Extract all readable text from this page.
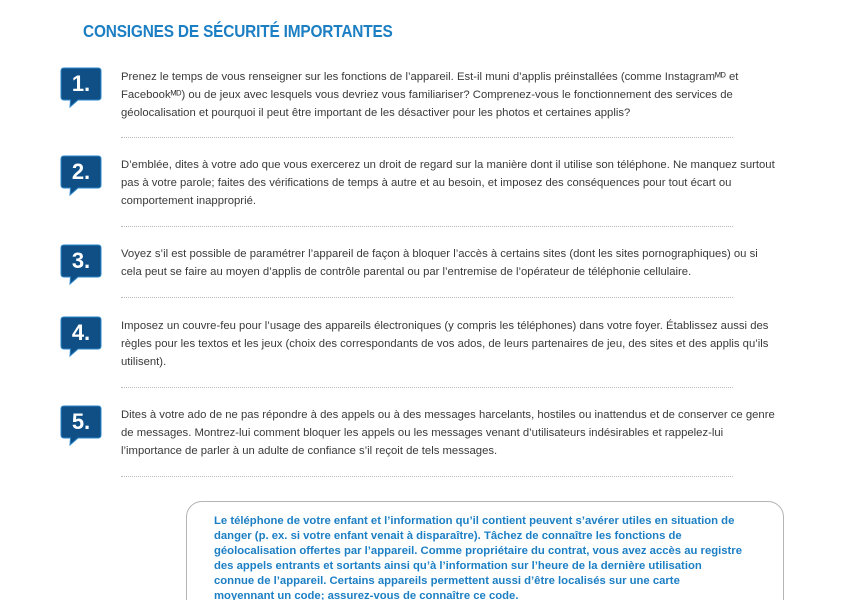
CONSIGNES DE SÉCURITÉ IMPORTANTES
1.	Prenez le temps de vous renseigner sur les fonctions de l’appareil. Est-il muni d’applis préinstallées (comme Instagramᴹᴰ et Facebookᴹᴰ) ou de jeux avec lesquels vous devriez vous familiariser? Comprenez-vous le fonctionnement des services de géolocalisation et pourquoi il peut être important de les désactiver pour les photos et certaines applis?

2.	D’emblée, dites à votre ado que vous exercerez un droit de regard sur la manière dont il utilise son téléphone. Ne manquez surtout pas à votre parole; faites des vérifications de temps à autre et au besoin, et imposez des conséquences pour tout écart ou comportement inapproprié.

3.	Voyez s’il est possible de paramétrer l’appareil de façon à bloquer l’accès à certains sites (dont les sites pornographiques) ou si cela peut se faire au moyen d’applis de contrôle parental ou par l’entremise de l’opérateur de téléphonie cellulaire.

4.	Imposez un couvre-feu pour l’usage des appareils électroniques (y compris les téléphones) dans votre foyer. Établissez aussi des règles pour les textos et les jeux (choix des correspondants de vos ados, de leurs partenaires de jeu, des sites et des applis qu’ils utilisent).

5.	Dites à votre ado de ne pas répondre à des appels ou à des messages harcelants, hostiles ou inattendus et de conserver ce genre de messages. Montrez-lui comment bloquer les appels ou les messages venant d’utilisateurs indésirables et rappelez-lui l’importance de parler à un adulte de confiance s’il reçoit de tels messages.

Le téléphone de votre enfant et l’information qu’il contient peuvent s’avérer utiles en situation de danger (p. ex. si votre enfant venait à disparaître). Tâchez de connaître les fonctions de géolocalisation offertes par l’appareil. Comme propriétaire du contrat, vous avez accès au registre des appels entrants et sortants ainsi qu’à l’information sur l’heure de la dernière utilisation connue de l’appareil. Certains appareils permettent aussi d’être localisés sur une carte moyennant un code; assurez-vous de connaître ce code.
